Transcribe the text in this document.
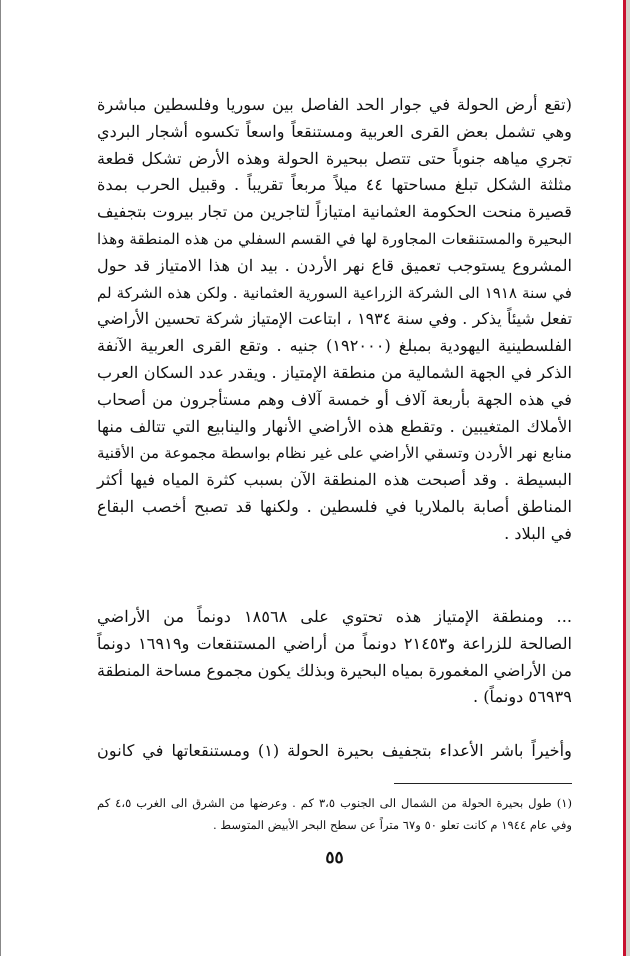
(تقع أرض الحولة في جوار الحد الفاصل بين سوريا وفلسطين مباشرة
وهي تشمل بعض القرى العربية ومستنقعاً واسعاً تكسوه أشجار البردي
تجري مياهه جنوباً حتى تتصل ببحيرة الحولة وهذه الأرض تشكل قطعة
مثلثة الشكل تبلغ مساحتها ٤٤ ميلاً مربعاً تقريباً . وقبيل الحرب بمدة
قصيرة منحت الحكومة العثمانية امتيازاً لتاجرين من تجار بيروت بتجفيف
البحيرة والمستنقعات المجاورة لها في القسم السفلي من هذه المنطقة وهذا
المشروع يستوجب تعميق قاع نهر الأردن . بيد ان هذا الامتياز قد حول
في سنة ١٩١٨ الى الشركة الزراعية السورية العثمانية . ولكن هذه الشركة لم
تفعل شيئاً يذكر . وفي سنة ١٩٣٤ ، ابتاعت الإمتياز شركة تحسين الأراضي
الفلسطينية اليهودية بمبلغ (١٩٢٠٠٠) جنيه . وتقع القرى العربية الآنفة
الذكر في الجهة الشمالية من منطقة الإمتياز . ويقدر عدد السكان العرب
في هذه الجهة بأربعة آلاف أو خمسة آلاف وهم مستأجرون من أصحاب
الأملاك المتغيبين . وتقطع هذه الأراضي الأنهار والينابيع التي تتالف منها
منابع نهر الأردن وتسقي الأراضي على غير نظام بواسطة مجموعة من الأقنية
البسيطة . وقد أصبحت هذه المنطقة الآن بسبب كثرة المياه فيها أكثر
المناطق أصابة بالملاريا في فلسطين . ولكنها قد تصبح أخصب البقاع
في البلاد .
... ومنطقة الإمتياز هذه تحتوي على ١٨٥٦٨ دونماً من الأراضي
الصالحة للزراعة و٢١٤٥٣ دونماً من أراضي المستنقعات و١٦٩١٩ دونماً
من الأراضي المغمورة بمياه البحيرة وبذلك يكون مجموع مساحة المنطقة
٥٦٩٣٩ دونماً) .
وأخيراً باشر الأعداء بتجفيف بحيرة الحولة (١) ومستنقعاتها في كانون
(١) طول بحيرة الحولة من الشمال الى الجنوب ٣،٥ كم . وعرضها من الشرق الى الغرب ٤،٥ كم
وفي عام ١٩٤٤ م كانت تعلو ٥٠ و٦٧ متراً عن سطح البحر الأبيض المتوسط .
٥٥
